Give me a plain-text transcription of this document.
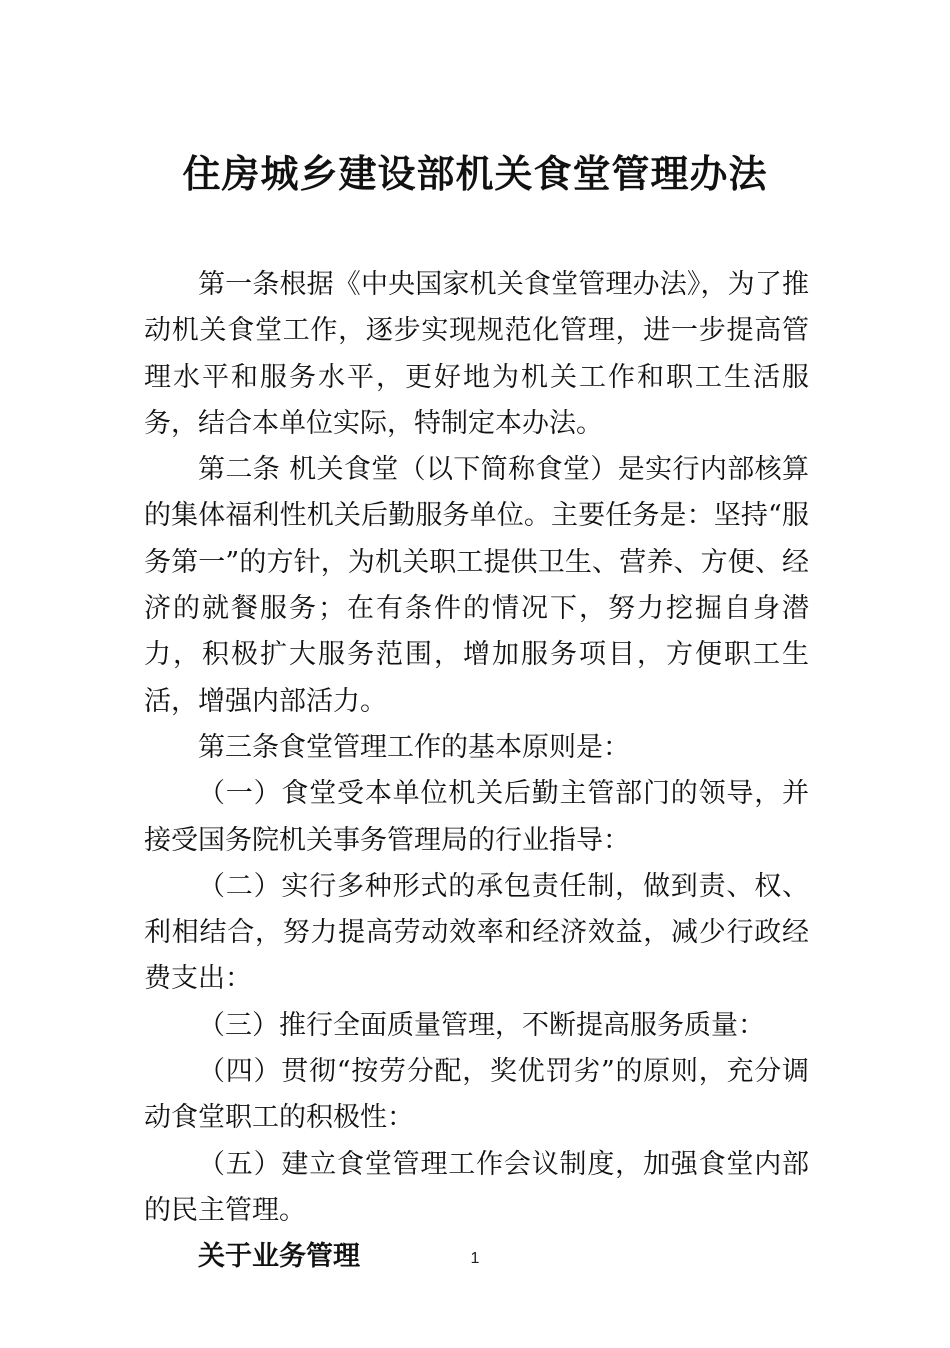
住房城乡建设部机关食堂管理办法

第一条根据《中央国家机关食堂管理办法》，为了推动机关食堂工作，逐步实现规范化管理，进一步提高管理水平和服务水平，更好地为机关工作和职工生活服务，结合本单位实际，特制定本办法。

第二条 机关食堂（以下简称食堂）是实行内部核算的集体福利性机关后勤服务单位。主要任务是：坚持“服务第一”的方针，为机关职工提供卫生、营养、方便、经济的就餐服务；在有条件的情况下，努力挖掘自身潜力，积极扩大服务范围，增加服务项目，方便职工生活，增强内部活力。

第三条食堂管理工作的基本原则是：

（一）食堂受本单位机关后勤主管部门的领导，并接受国务院机关事务管理局的行业指导：

（二）实行多种形式的承包责任制，做到责、权、利相结合，努力提高劳动效率和经济效益，减少行政经费支出：

（三）推行全面质量管理，不断提高服务质量：

（四）贯彻“按劳分配，奖优罚劣”的原则，充分调动食堂职工的积极性：

（五）建立食堂管理工作会议制度，加强食堂内部的民主管理。

关于业务管理	1
